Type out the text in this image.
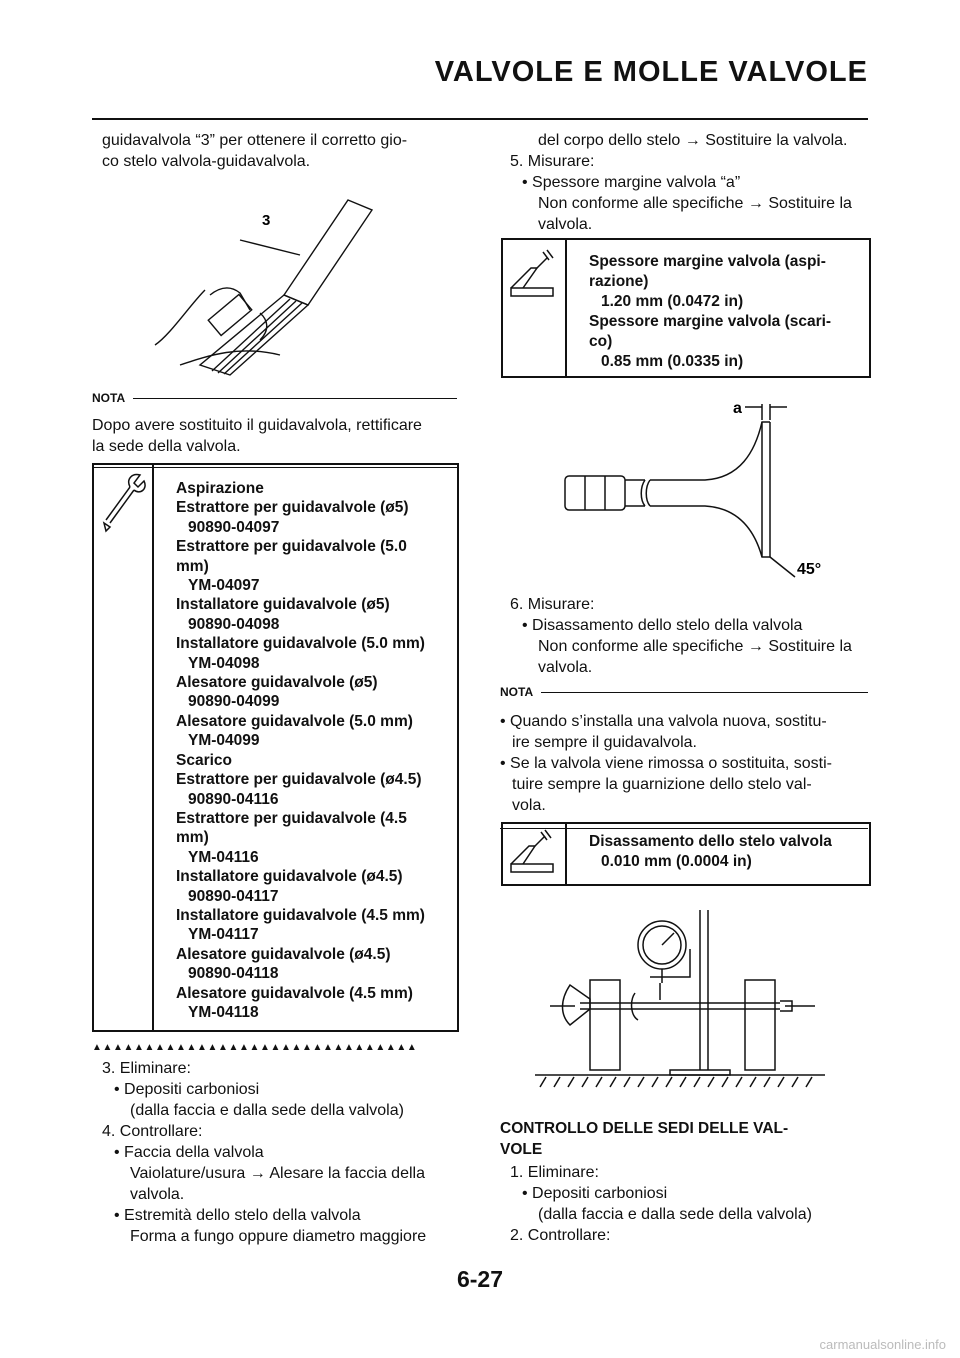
VALVOLE E MOLLE VALVOLE

guidavalvola “3” per ottenere il corretto gio-

co stelo valvola-guidavalvola.

3

NOTA

Dopo avere sostituito il guidavalvola, rettificare

la sede della valvola.

Aspirazione
Estrattore per guidavalvole (ø5)
90890-04097
Estrattore per guidavalvole (5.0
mm)
YM-04097
Installatore guidavalvole (ø5)
90890-04098
Installatore guidavalvole (5.0 mm)
YM-04098
Alesatore guidavalvole (ø5)
90890-04099
Alesatore guidavalvole (5.0 mm)
YM-04099
Scarico
Estrattore per guidavalvole (ø4.5)
90890-04116
Estrattore per guidavalvole (4.5
mm)
YM-04116
Installatore guidavalvole (ø4.5)
90890-04117
Installatore guidavalvole (4.5 mm)
YM-04117
Alesatore guidavalvole (ø4.5)
90890-04118
Alesatore guidavalvole (4.5 mm)
YM-04118
▲▲▲▲▲▲▲▲▲▲▲▲▲▲▲▲▲▲▲▲▲▲▲▲▲▲▲▲▲▲▲

3. Eliminare:

• Depositi carboniosi

(dalla faccia e dalla sede della valvola)

4. Controllare:

• Faccia della valvola

Vaiolature/usura → Alesare la faccia della

valvola.

• Estremità dello stelo della valvola

Forma a fungo oppure diametro maggiore

del corpo dello stelo → Sostituire la valvola.

5. Misurare:

• Spessore margine valvola “a”

Non conforme alle specifiche → Sostituire la

valvola.

Spessore margine valvola (aspi-
razione)
1.20 mm (0.0472 in)
Spessore margine valvola (scari-
co)
0.85 mm (0.0335 in)
a
45°

6. Misurare:

• Disassamento dello stelo della valvola

Non conforme alle specifiche → Sostituire la

valvola.

NOTA

• Quando s’installa una valvola nuova, sostitu-

ire sempre il guidavalvola.

• Se la valvola viene rimossa o sostituita, sosti-

tuire sempre la guarnizione dello stelo val-

vola.

Disassamento dello stelo valvola
0.010 mm (0.0004 in)

CONTROLLO DELLE SEDI DELLE VAL-

VOLE

1. Eliminare:

• Depositi carboniosi

(dalla faccia e dalla sede della valvola)

2. Controllare:

6-27
carmanualsonline.info
